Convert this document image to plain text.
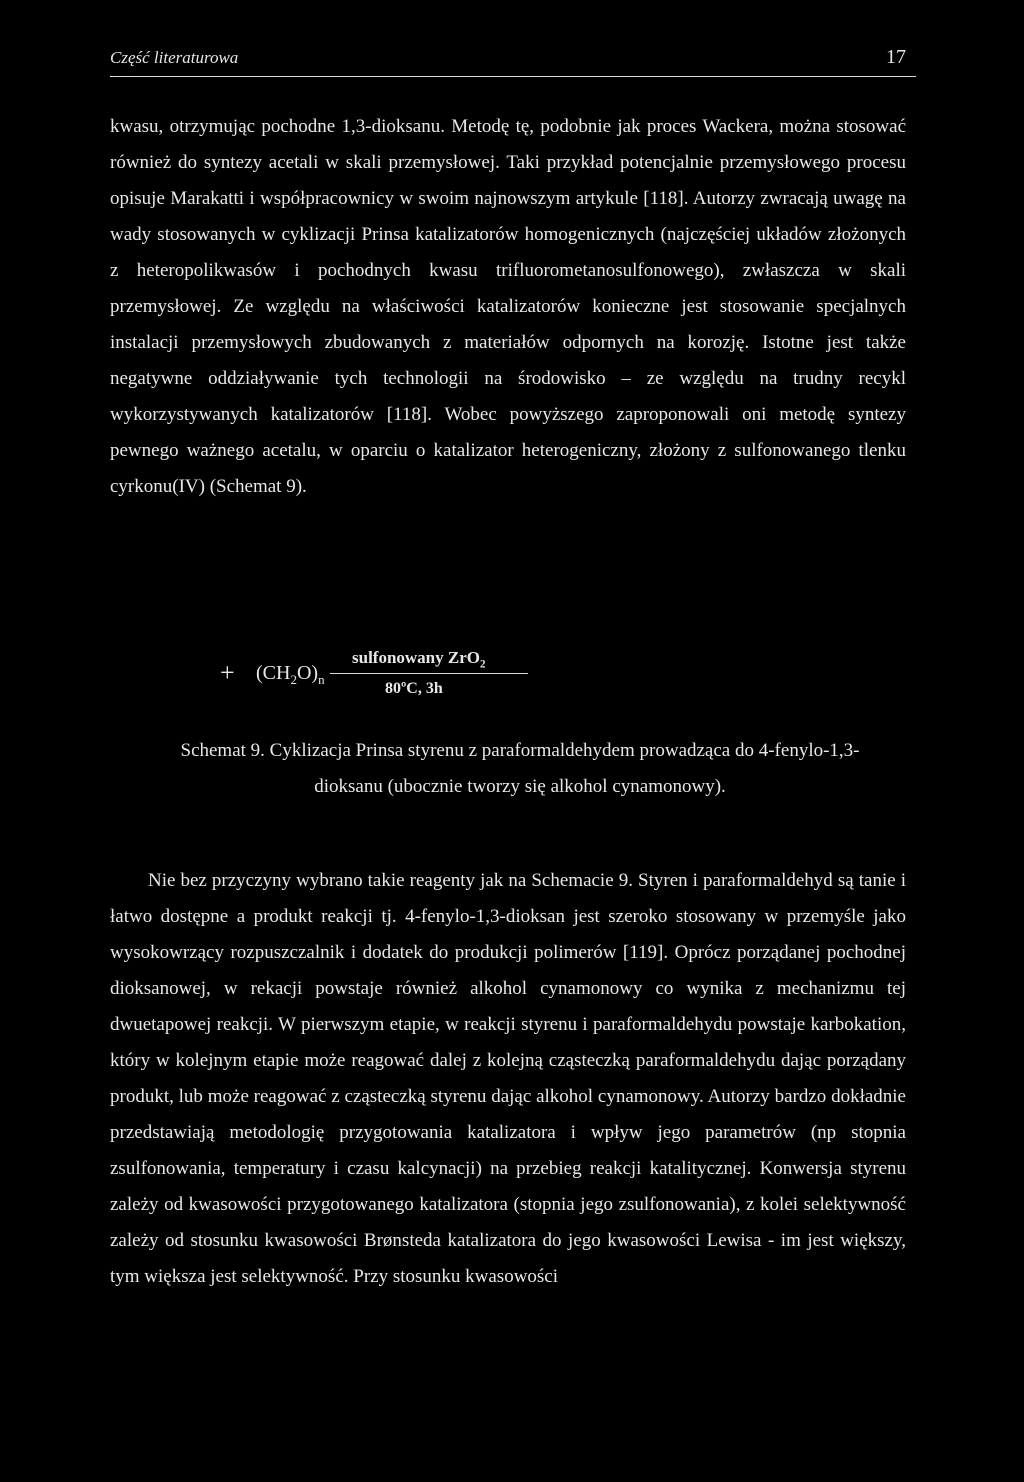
Część literaturowa	17

kwasu, otrzymując pochodne 1,3-dioksanu. Metodę tę, podobnie jak proces Wackera, można stosować również do syntezy acetali w skali przemysłowej. Taki przykład potencjalnie przemysłowego procesu opisuje Marakatti i współpracownicy w swoim najnowszym artykule [118]. Autorzy zwracają uwagę na wady stosowanych w cyklizacji Prinsa katalizatorów homogenicznych (najczęściej układów złożonych z heteropolikwasów i pochodnych kwasu trifluorometanosulfonowego), zwłaszcza w skali przemysłowej. Ze względu na właściwości katalizatorów konieczne jest stosowanie specjalnych instalacji przemysłowych zbudowanych z materiałów odpornych na korozję. Istotne jest także negatywne oddziaływanie tych technologii na środowisko – ze względu na trudny recykl wykorzystywanych katalizatorów [118]. Wobec powyższego zaproponowali oni metodę syntezy pewnego ważnego acetalu, w oparciu o katalizator heterogeniczny, złożony z sulfonowanego tlenku cyrkonu(IV) (Schemat 9).

+ $(CH_2O)_n$
sulfonowany ZrO$_2$
80ºC, 3h

Schemat 9. Cyklizacja Prinsa styrenu z paraformaldehydem prowadząca do 4-fenylo-1,3-dioksanu (ubocznie tworzy się alkohol cynamonowy).

Nie bez przyczyny wybrano takie reagenty jak na Schemacie 9. Styren i paraformaldehyd są tanie i łatwo dostępne a produkt reakcji tj. 4-fenylo-1,3-dioksan jest szeroko stosowany w przemyśle jako wysokowrzący rozpuszczalnik i dodatek do produkcji polimerów [119]. Oprócz porządanej pochodnej dioksanowej, w rekacji powstaje również alkohol cynamonowy co wynika z mechanizmu tej dwuetapowej reakcji. W pierwszym etapie, w reakcji styrenu i paraformaldehydu powstaje karbokation, który w kolejnym etapie może reagować dalej z kolejną cząsteczką paraformaldehydu dając porządany produkt, lub może reagować z cząsteczką styrenu dając alkohol cynamonowy. Autorzy bardzo dokładnie przedstawiają metodologię przygotowania katalizatora i wpływ jego parametrów (np stopnia zsulfonowania, temperatury i czasu kalcynacji) na przebieg reakcji katalitycznej. Konwersja styrenu zależy od kwasowości przygotowanego katalizatora (stopnia jego zsulfonowania), z kolei selektywność zależy od stosunku kwasowości Brønsteda katalizatora do jego kwasowości Lewisa - im jest większy, tym większa jest selektywność. Przy stosunku kwasowości
